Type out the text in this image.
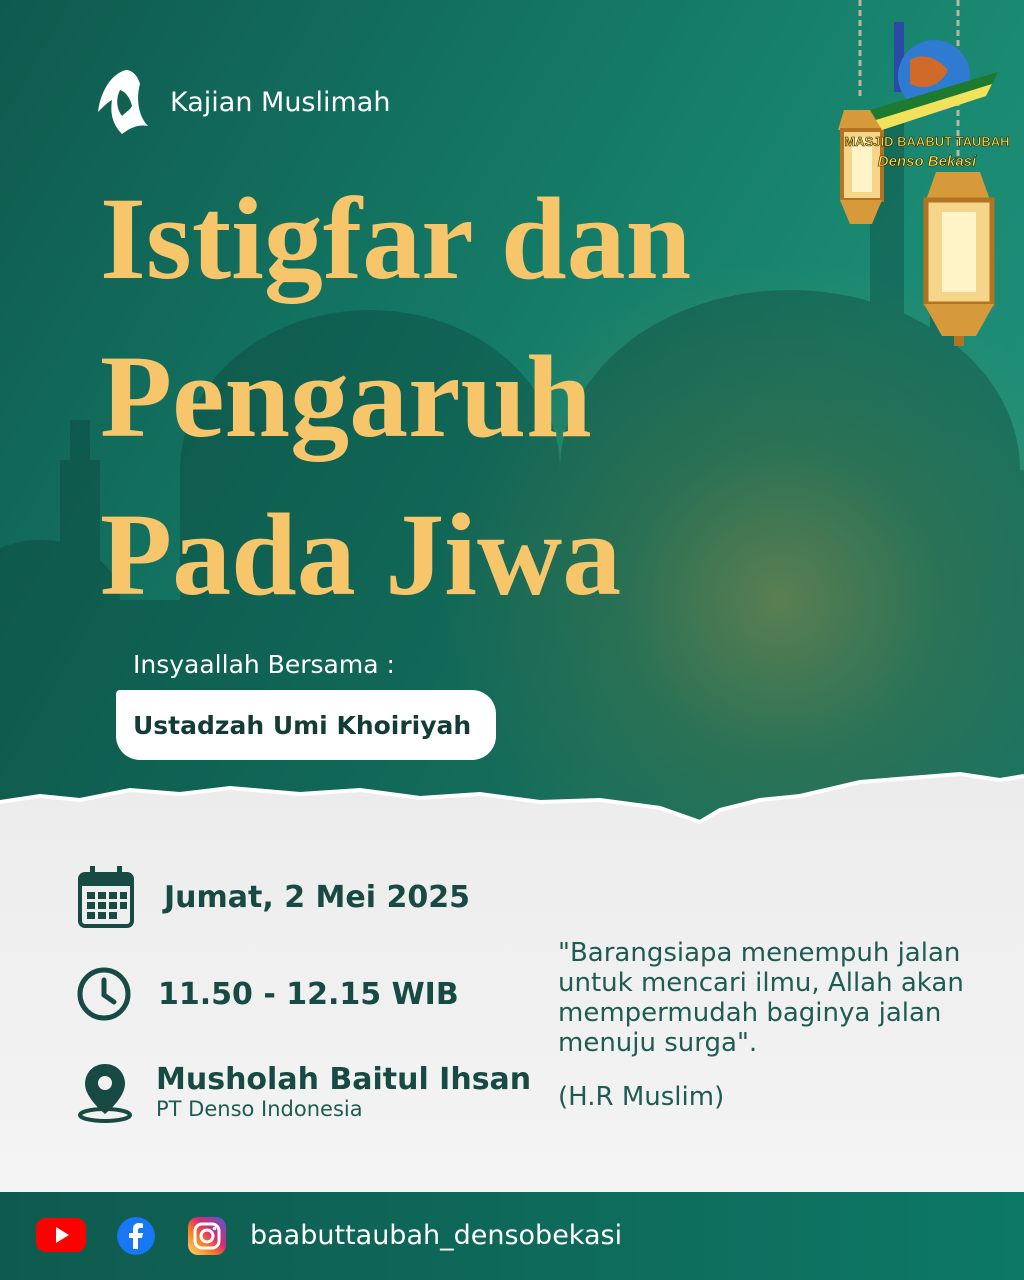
Kajian Muslimah
Istigfar dan
Pengaruh
Pada Jiwa
MASJID BAABUT TAUBAH
Denso Bekasi
Insyaallah Bersama :
Ustadzah Umi Khoiriyah
Jumat, 2 Mei 2025
11.50 - 12.15 WIB
Musholah Baitul Ihsan
PT Denso Indonesia
"Barangsiapa menempuh jalan untuk mencari ilmu, Allah akan mempermudah baginya jalan menuju surga".
(H.R Muslim)
baabuttaubah_densobekasi
